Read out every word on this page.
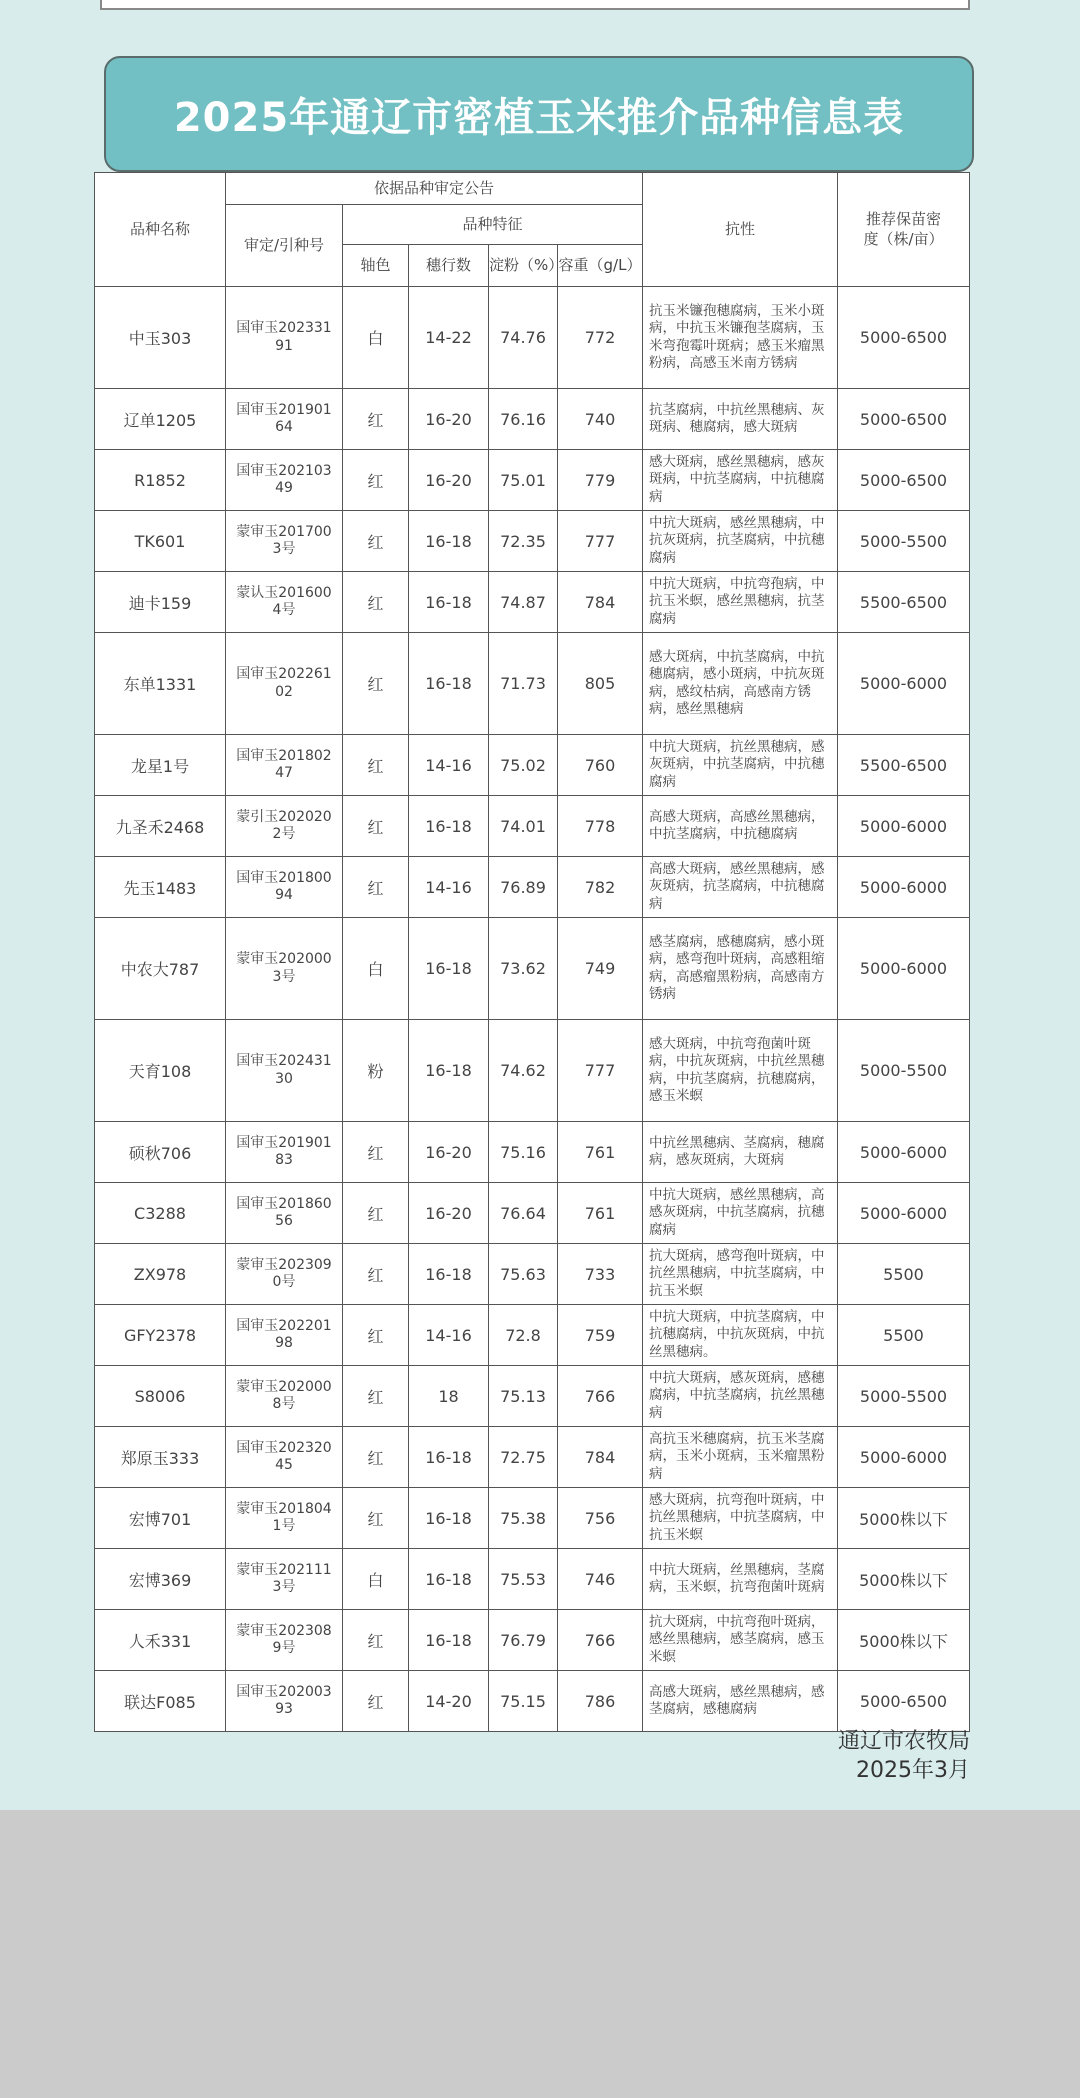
2025年通辽市密植玉米推介品种信息表
品种名称	依据品种审定公告					抗性	推荐保苗密度（株/亩）
	审定/引种号	品种特征					
		轴色	穗行数	淀粉（%）	容重（g/L）		
中玉303	国审玉20233191	白	14-22	74.76	772	抗玉米镰孢穗腐病，玉米小斑病，中抗玉米镰孢茎腐病，玉米弯孢霉叶斑病；感玉米瘤黑粉病，高感玉米南方锈病	5000-6500
辽单1205	国审玉20190164	红	16-20	76.16	740	抗茎腐病，中抗丝黑穗病、灰斑病、穗腐病，感大斑病	5000-6500
R1852	国审玉20210349	红	16-20	75.01	779	感大斑病，感丝黑穗病，感灰斑病，中抗茎腐病，中抗穗腐病	5000-6500
TK601	蒙审玉2017003号	红	16-18	72.35	777	中抗大斑病，感丝黑穗病，中抗灰斑病，抗茎腐病，中抗穗腐病	5000-5500
迪卡159	蒙认玉2016004号	红	16-18	74.87	784	中抗大斑病，中抗弯孢病，中抗玉米螟，感丝黑穗病，抗茎腐病	5500-6500
东单1331	国审玉20226102	红	16-18	71.73	805	感大斑病，中抗茎腐病，中抗穗腐病，感小斑病，中抗灰斑病，感纹枯病，高感南方锈病，感丝黑穗病	5000-6000
龙星1号	国审玉20180247	红	14-16	75.02	760	中抗大斑病，抗丝黑穗病，感灰斑病，中抗茎腐病，中抗穗腐病	5500-6500
九圣禾2468	蒙引玉2020202号	红	16-18	74.01	778	高感大斑病，高感丝黑穗病，中抗茎腐病，中抗穗腐病	5000-6000
先玉1483	国审玉20180094	红	14-16	76.89	782	高感大斑病，感丝黑穗病，感灰斑病，抗茎腐病，中抗穗腐病	5000-6000
中农大787	蒙审玉2020003号	白	16-18	73.62	749	感茎腐病，感穗腐病，感小斑病，感弯孢叶斑病，高感粗缩病，高感瘤黑粉病，高感南方锈病	5000-6000
天育108	国审玉20243130	粉	16-18	74.62	777	感大斑病，中抗弯孢菌叶斑病，中抗灰斑病，中抗丝黑穗病，中抗茎腐病，抗穗腐病，感玉米螟	5000-5500
硕秋706	国审玉20190183	红	16-20	75.16	761	中抗丝黑穗病、茎腐病，穗腐病，感灰斑病，大斑病	5000-6000
C3288	国审玉20186056	红	16-20	76.64	761	中抗大斑病，感丝黑穗病，高感灰斑病，中抗茎腐病，抗穗腐病	5000-6000
ZX978	蒙审玉2023090号	红	16-18	75.63	733	抗大斑病，感弯孢叶斑病，中抗丝黑穗病，中抗茎腐病，中抗玉米螟	5500
GFY2378	国审玉20220198	红	14-16	72.8	759	中抗大斑病，中抗茎腐病，中抗穗腐病，中抗灰斑病，中抗丝黑穗病。	5500
S8006	蒙审玉2020008号	红	18	75.13	766	中抗大斑病，感灰斑病，感穗腐病，中抗茎腐病，抗丝黑穗病	5000-5500
郑原玉333	国审玉20232045	红	16-18	72.75	784	高抗玉米穗腐病，抗玉米茎腐病，玉米小斑病，玉米瘤黑粉病	5000-6000
宏博701	蒙审玉2018041号	红	16-18	75.38	756	感大斑病，抗弯孢叶斑病，中抗丝黑穗病，中抗茎腐病，中抗玉米螟	5000株以下
宏博369	蒙审玉2021113号	白	16-18	75.53	746	中抗大斑病，丝黑穗病，茎腐病，玉米螟，抗弯孢菌叶斑病	5000株以下
人禾331	蒙审玉2023089号	红	16-18	76.79	766	抗大斑病，中抗弯孢叶斑病，感丝黑穗病，感茎腐病，感玉米螟	5000株以下
联达F085	国审玉20200393	红	14-20	75.15	786	高感大斑病，感丝黑穗病，感茎腐病，感穗腐病	5000-6500
通辽市农牧局
2025年3月
